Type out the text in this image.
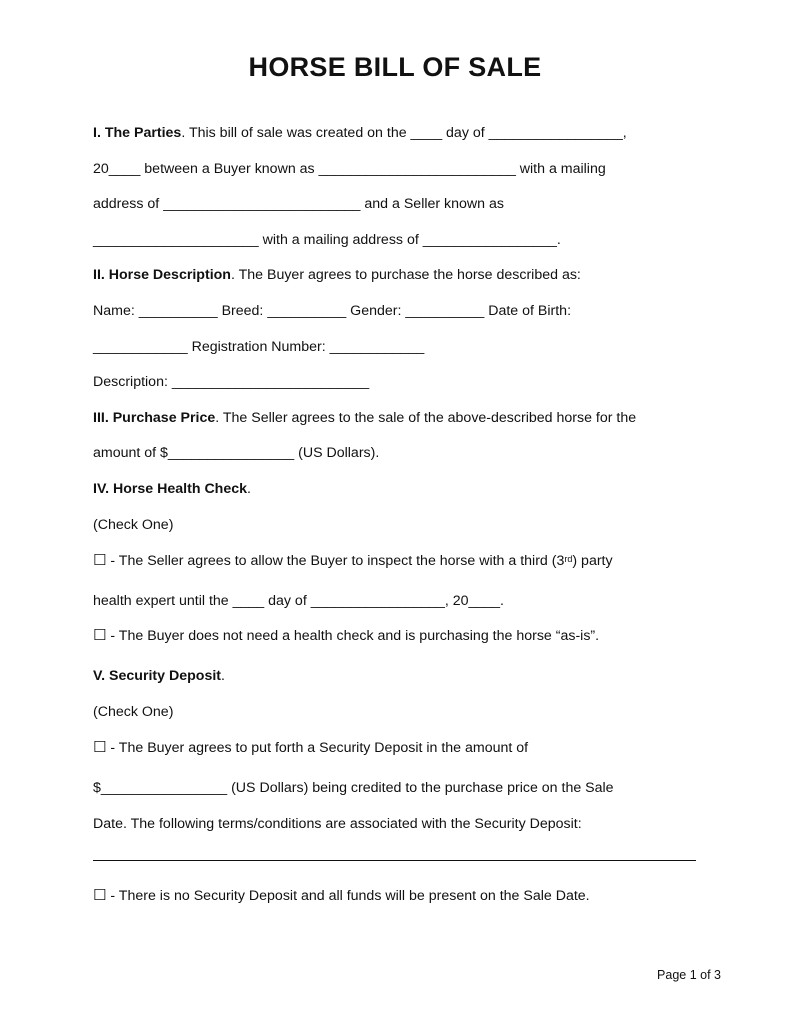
HORSE BILL OF SALE
I. The Parties. This bill of sale was created on the ____ day of _________________,
20____ between a Buyer known as _________________________ with a mailing
address of _________________________ and a Seller known as
_____________________ with a mailing address of _________________.
II. Horse Description. The Buyer agrees to purchase the horse described as:
Name: __________ Breed: __________ Gender: __________ Date of Birth:
____________ Registration Number: ____________
Description: _________________________
III. Purchase Price. The Seller agrees to the sale of the above-described horse for the
amount of $________________ (US Dollars).
IV. Horse Health Check.
(Check One)
☐ - The Seller agrees to allow the Buyer to inspect the horse with a third (3rd) party
health expert until the ____ day of _________________, 20____.
☐ - The Buyer does not need a health check and is purchasing the horse “as-is”.
V. Security Deposit.
(Check One)
☐ - The Buyer agrees to put forth a Security Deposit in the amount of
$________________ (US Dollars) being credited to the purchase price on the Sale
Date. The following terms/conditions are associated with the Security Deposit:
☐ - There is no Security Deposit and all funds will be present on the Sale Date.
Page 1 of 3
